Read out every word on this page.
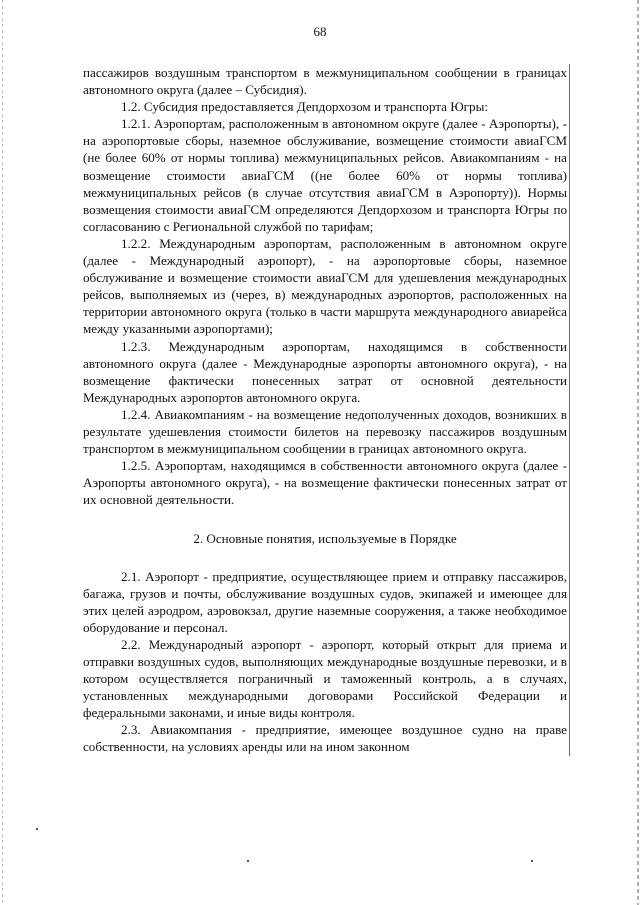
68

пассажиров воздушным транспортом в межмуниципальном сообщении в границах автономного округа (далее – Субсидия).

1.2. Субсидия предоставляется Депдорхозом и транспорта Югры:

1.2.1. Аэропортам, расположенным в автономном округе (далее - Аэропорты), - на аэропортовые сборы, наземное обслуживание, возмещение стоимости авиаГСМ (не более 60% от нормы топлива) межмуниципальных рейсов. Авиакомпаниям - на возмещение стоимости авиаГСМ ((не более 60% от нормы топлива) межмуниципальных рейсов (в случае отсутствия авиаГСМ в Аэропорту)). Нормы возмещения стоимости авиаГСМ определяются Депдорхозом и транспорта Югры по согласованию с Региональной службой по тарифам;

1.2.2. Международным аэропортам, расположенным в автономном округе (далее - Международный аэропорт), - на аэропортовые сборы, наземное обслуживание и возмещение стоимости авиаГСМ для удешевления международных рейсов, выполняемых из (через, в) международных аэропортов, расположенных на территории автономного округа (только в части маршрута международного авиарейса между указанными аэропортами);

1.2.3. Международным аэропортам, находящимся в собственности автономного округа (далее - Международные аэропорты автономного округа), - на возмещение фактически понесенных затрат от основной деятельности Международных аэропортов автономного округа.

1.2.4. Авиакомпаниям - на возмещение недополученных доходов, возникших в результате удешевления стоимости билетов на перевозку пассажиров воздушным транспортом в межмуниципальном сообщении в границах автономного округа.

1.2.5. Аэропортам, находящимся в собственности автономного округа (далее - Аэропорты автономного округа), - на возмещение фактически понесенных затрат от их основной деятельности.

2. Основные понятия, используемые в Порядке

2.1. Аэропорт - предприятие, осуществляющее прием и отправку пассажиров, багажа, грузов и почты, обслуживание воздушных судов, экипажей и имеющее для этих целей аэродром, аэровокзал, другие наземные сооружения, а также необходимое оборудование и персонал.

2.2. Международный аэропорт - аэропорт, который открыт для приема и отправки воздушных судов, выполняющих международные воздушные перевозки, и в котором осуществляется пограничный и таможенный контроль, а в случаях, установленных международными договорами Российской Федерации и федеральными законами, и иные виды контроля.

2.3. Авиакомпания - предприятие, имеющее воздушное судно на праве собственности, на условиях аренды или на ином законном
